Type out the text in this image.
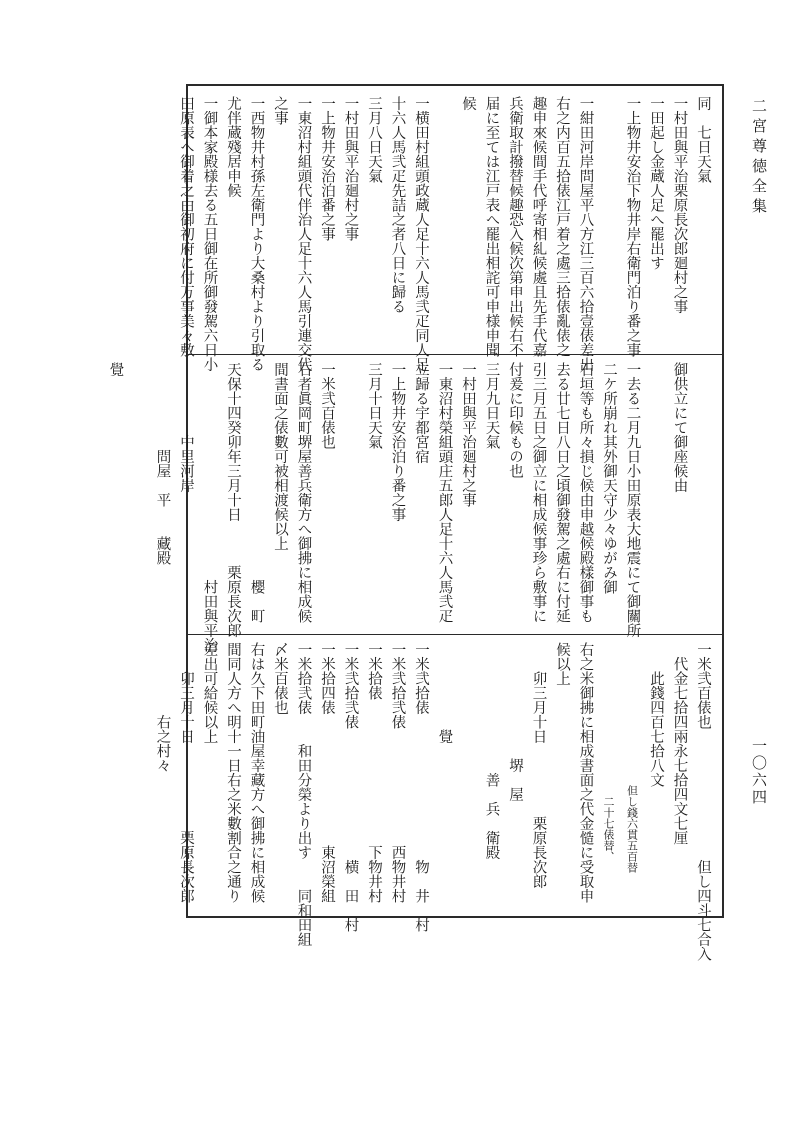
二宮尊徳全集
一〇六四
同　七日天氣
一村田與平治栗原長次郎廻村之事
一田起し金蔵人足へ罷出す
一上物井安治下物井岸右衛門泊り番之事

一紺田河岸問屋平八方江三百六拾壹俵差出
右之内百五拾俵江戸着之處三拾俵亂俵之
趣申來候間手代呼寄相糺候處且先手代嘉
兵衛取計撥替候趣恐入候次第申出候右不
届に至ては江戸表へ罷出相詫可申様申聞
候

一横田村組頭政蔵人足十六人馬弐疋同人足
十六人馬弐疋先詰之者八日に歸る
三月八日天氣
一村田與平治廻村之事
一上物井安治泊番之事
一東沼村組頭代伴治人足十六人馬引連交代
之事
一西物井村孫左衛門より大桑村より引取る
尤伴蔵殘居申候
一御本家殿様去る五日御在所御發駕六日小
田原表へ御着之由御初府に付万事美々敷

御供立にて御座候由

一去る二月九日小田原表大地震にて御關所
二ケ所崩れ其外御天守少々ゆがみ御
石垣等も所々損じ候由申越候殿樣御事も
去る廿七日八日之頃御發駕之處右に付延
引三月五日之御立に相成候事珍ら敷事に
付爰に印候もの也
三月九日天氣
一村田與平治廻村之事
一東沼村榮組頭庄五郎人足十六人馬弐疋
立歸る宇都宮宿
一上物井安治泊り番之事
三月十日天氣

一米弐百俵也
右者眞岡町堺屋善兵衛方へ御拂に相成候
間書面之俵數可被相渡候以上
　　　　　　　　　　　　　　　櫻　町
天保十四癸卯年三月十日　　　栗原長次郎
　　　　　　　　　　　　　　　村田與平治
　　　　　中里河岸
　　　　　　問屋　平　　藏殿

覺
一米弐百俵也　　　　　　　　　但し四斗七合入
　代金七拾四兩永七拾四文七厘
　　此錢四百七拾八文
　　　　　　　　　　　　　但し錢六貫五百替
　　　　　　　　　　　　　　二十七俵替、
右之米御拂に相成書面之代金慥に受取申
候以上
　　卯三月十日　　　　　栗原長次郎
　　　　　　　　堺　屋
　　　　　　　　　善　兵　衛殿

　　　　　　覺
一米弐拾俵　　　　　　　　　　物　井　村
一米弐拾弐俵　　　　　　　　西物井村
一米拾俵　　　　　　　　　　下物井村
一米弐拾弐俵　　　　　　　　　横　田　村
一米拾四俵　　　　　　　　　東沼榮組
一米拾弐俵　　和田分榮より出す　　同和田組
〆米百俵也
右は久下田町油屋幸藏方へ御拂に相成候
間同人方へ明十一日右之米數割合之通り
差出可給候以上
　　卯三月十日　　　　　　栗原長次郎
　　　　　右之村々
